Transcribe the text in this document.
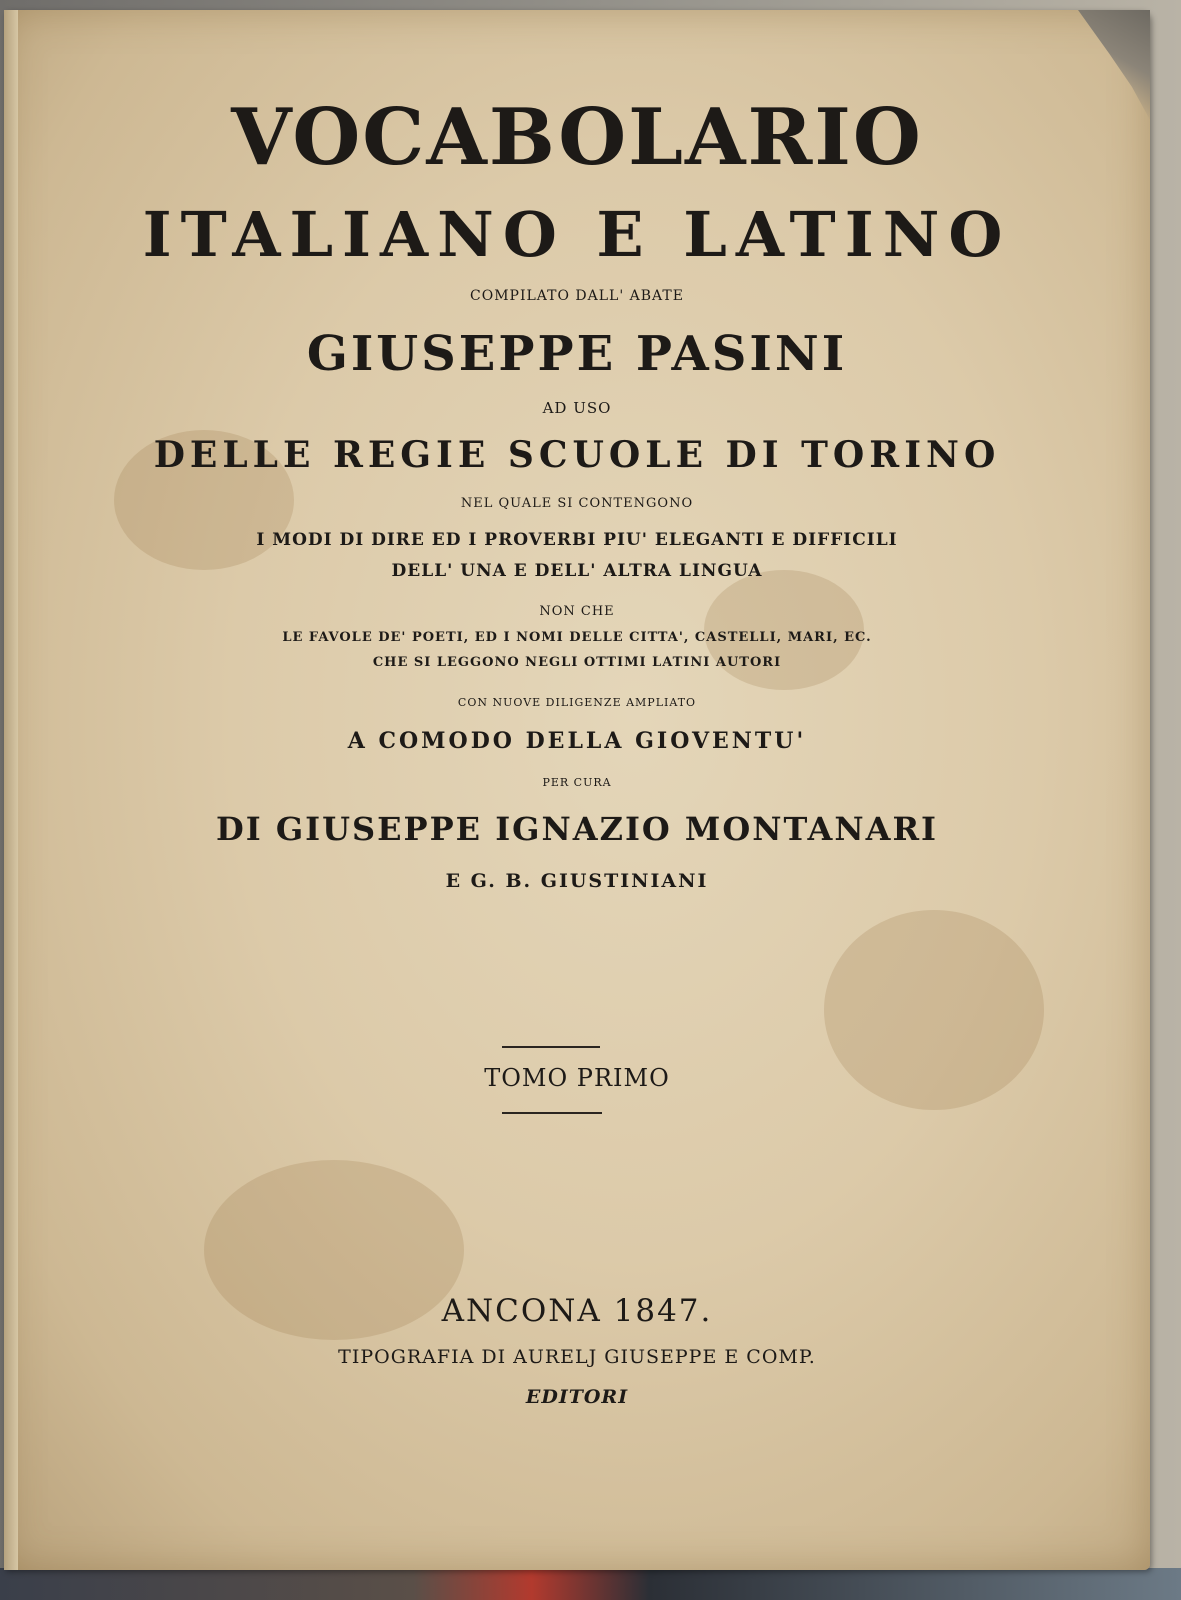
VOCABOLARIO

ITALIANO E LATINO

COMPILATO DALL' ABATE

GIUSEPPE PASINI

AD USO

DELLE REGIE SCUOLE DI TORINO

NEL QUALE SI CONTENGONO

I MODI DI DIRE ED I PROVERBI PIU' ELEGANTI E DIFFICILI

DELL' UNA E DELL' ALTRA LINGUA

NON CHE

LE FAVOLE DE' POETI, ED I NOMI DELLE CITTA', CASTELLI, MARI, EC.

CHE SI LEGGONO NEGLI OTTIMI LATINI AUTORI

CON NUOVE DILIGENZE AMPLIATO

A COMODO DELLA GIOVENTU'

PER CURA

DI GIUSEPPE IGNAZIO MONTANARI

E G. B. GIUSTINIANI

TOMO PRIMO

ANCONA 1847.

TIPOGRAFIA DI AURELJ GIUSEPPE E COMP.

EDITORI
